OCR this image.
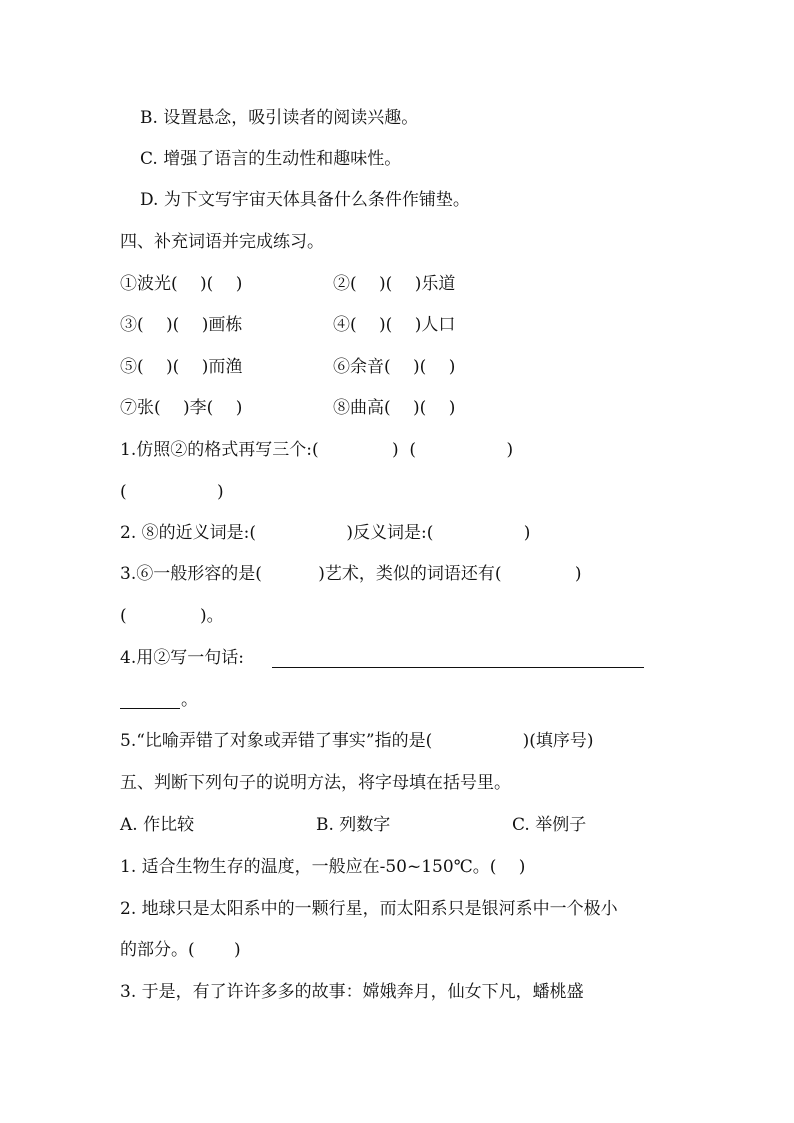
B. 设置悬念，吸引读者的阅读兴趣。
C. 增强了语言的生动性和趣味性。
D. 为下文写宇宙天体具备什么条件作铺垫。
四、补充词语并完成练习。
①波光(　 )(　 )	②(　 )(　 )乐道
③(　 )(　 )画栋	④(　 )(　 )人口
⑤(　 )(　 )而渔	⑥余音(　 )(　 )
⑦张(　 )李(　 )	⑧曲高(　 )(　 )
1.仿照②的格式再写三个:(　　　　 )  (　　　　　 )
(　　　　　 )
2. ⑧的近义词是:(　　　　　 )反义词是:(　　　　　 )
3.⑥一般形容的是(　　　 )艺术，类似的词语还有(　　　　 )
(　　　　 )。
4.用②写一句话:
。
5.“比喻弄错了对象或弄错了事实”指的是(　　　　　 )(填序号)
五、判断下列句子的说明方法，将字母填在括号里。
A. 作比较	B. 列数字	C. 举例子
1. 适合生物生存的温度，一般应在-50~150℃。(　 )
2. 地球只是太阳系中的一颗行星，而太阳系只是银河系中一个极小
的部分。(　　 )
3. 于是，有了许许多多的故事：嫦娥奔月，仙女下凡，蟠桃盛
